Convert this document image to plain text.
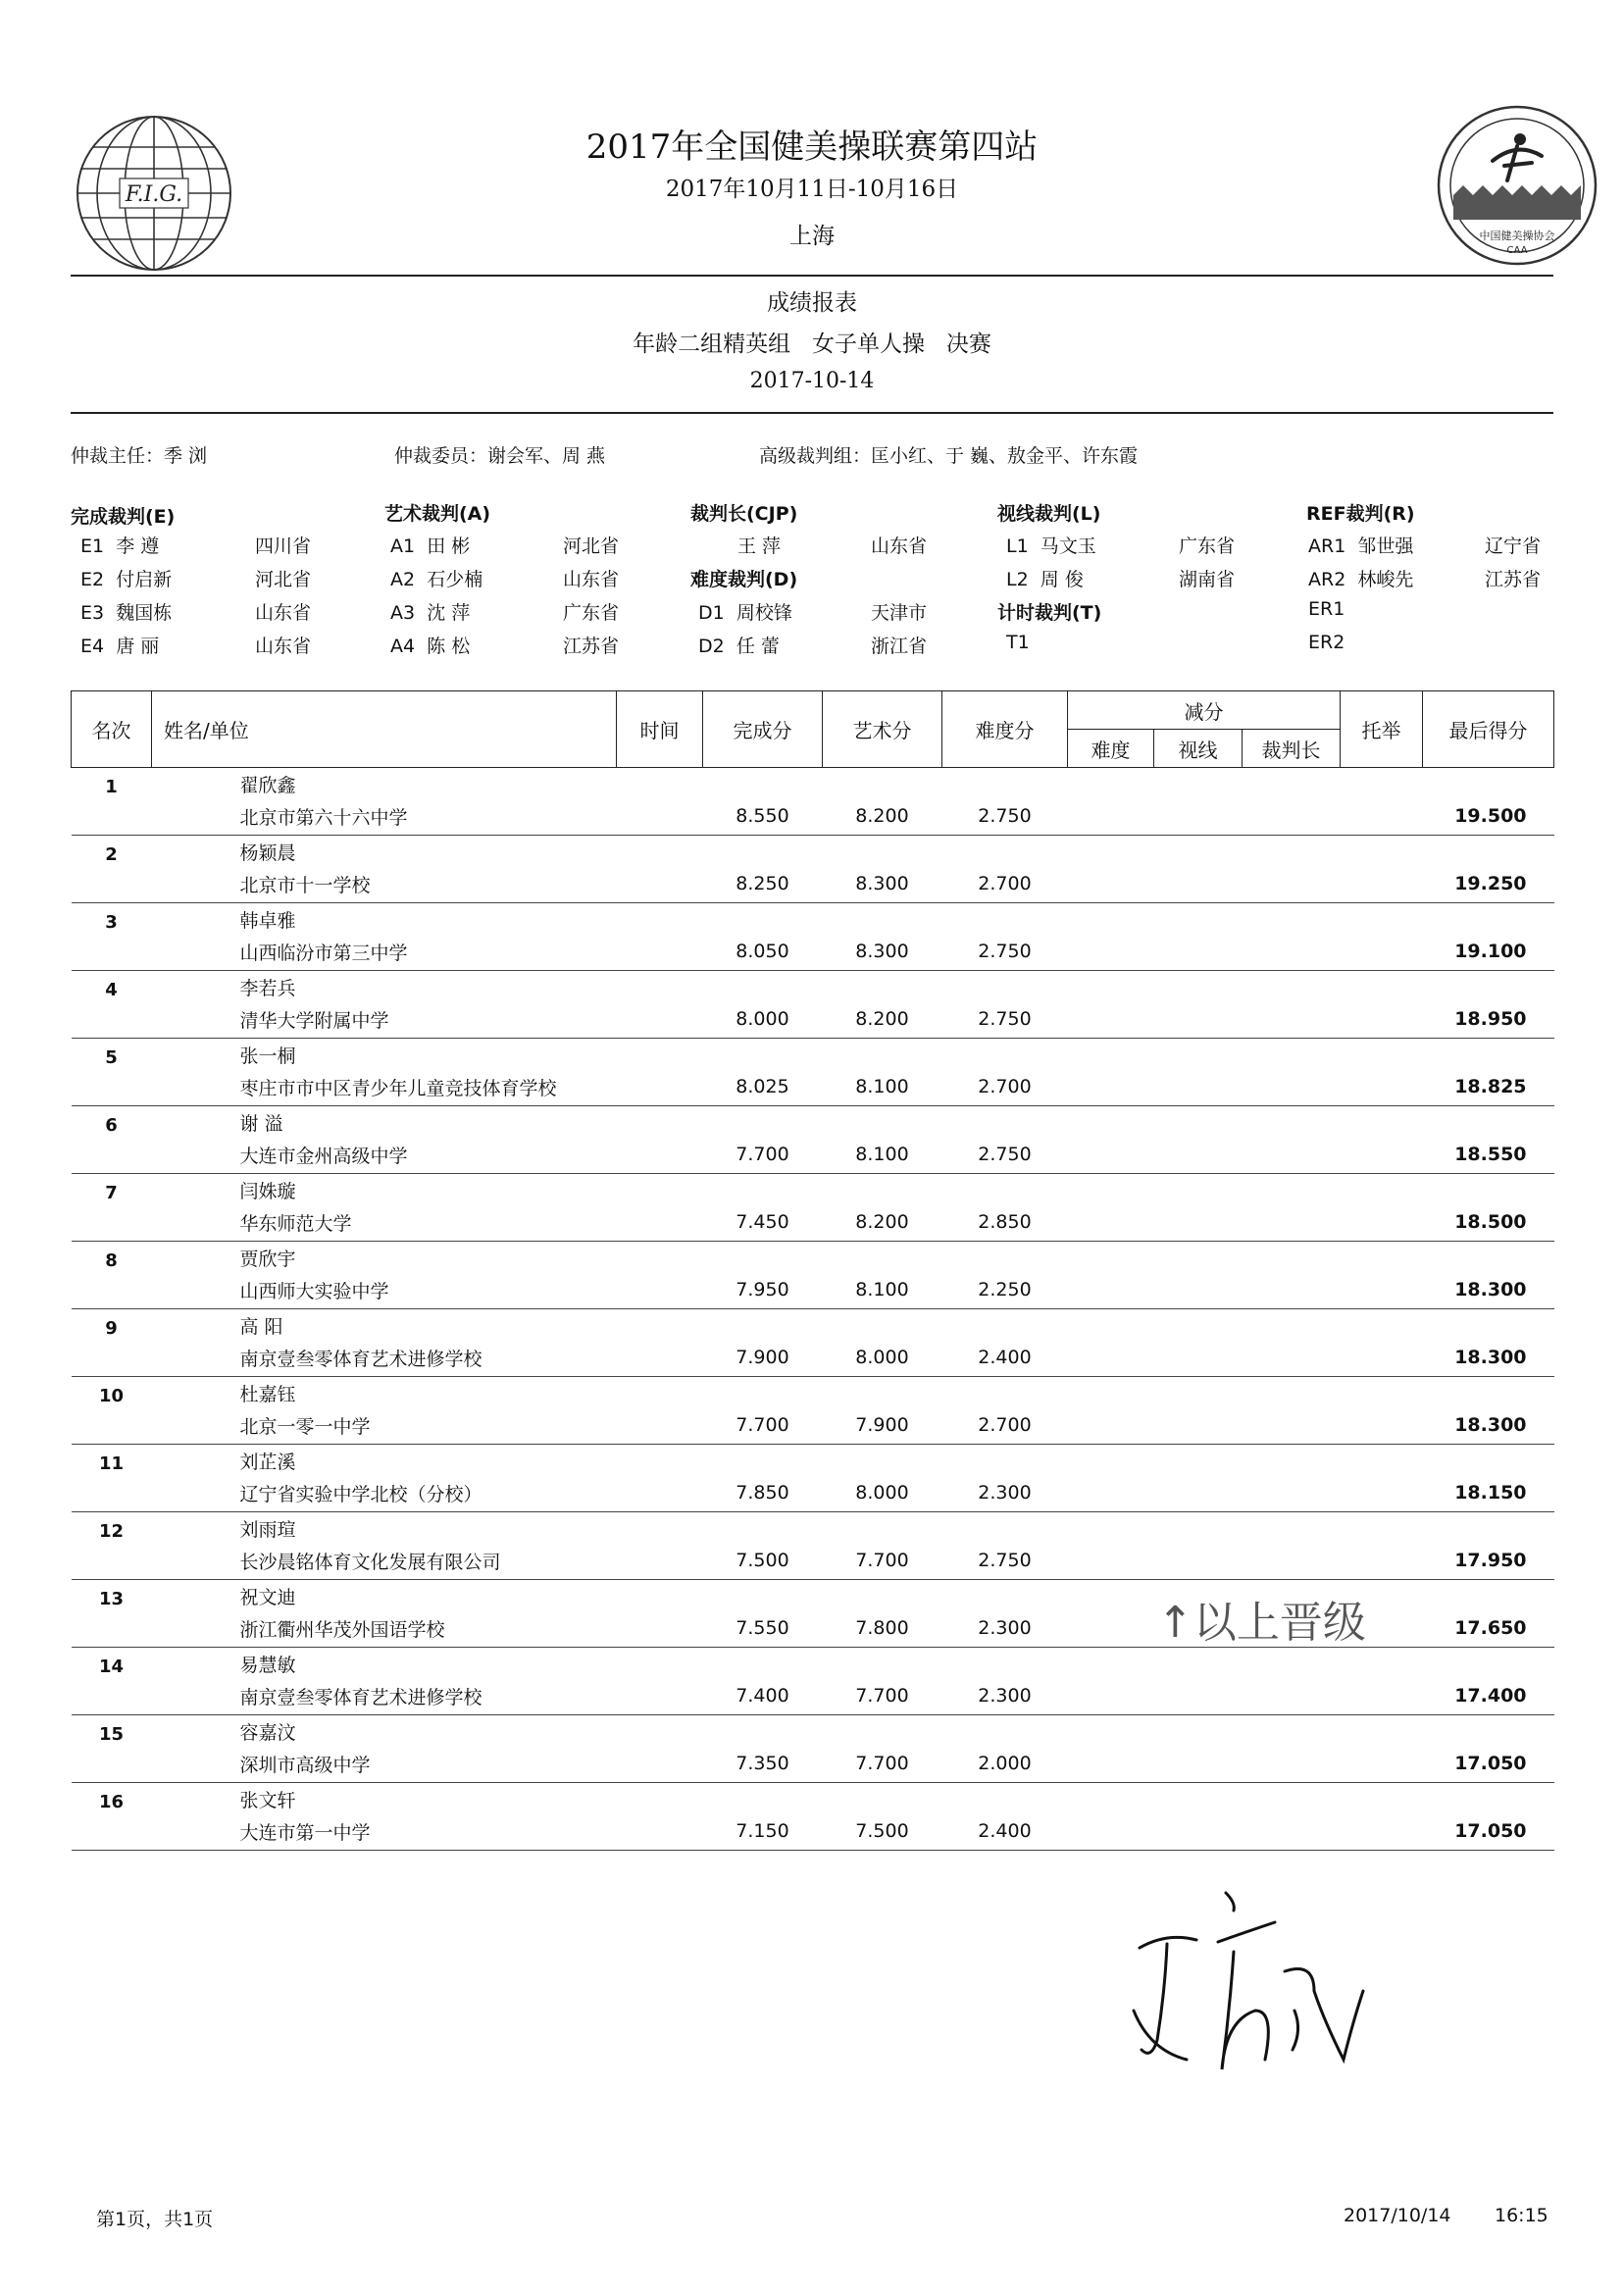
F.I.G.
中国健美操协会
CAA
2017年全国健美操联赛第四站
2017年10月11日-10月16日
上海
成绩报表
年龄二组精英组   女子单人操   决赛
2017-10-14
仲裁主任：季 浏	仲裁委员：谢会军、周 燕	高级裁判组：匡小红、于 巍、敖金平、许东霞
完成裁判(E)	艺术裁判(A)	裁判长(CJP)	视线裁判(L)	REF裁判(R)
E1 李 遵	四川省
E2 付启新	河北省
E3 魏国栋	山东省
E4 唐 丽	山东省
A1 田 彬	河北省
A2 石少楠	山东省
A3 沈 萍	广东省
A4 陈 松	江苏省
王 萍	山东省
难度裁判(D)
D1 周校锋	天津市
D2 任 蕾	浙江省
L1 马文玉	广东省
L2 周 俊	湖南省
计时裁判(T)
T1
AR1 邹世强	辽宁省
AR2 林峻先	江苏省
ER1
ER2
名次	姓名/单位	时间	完成分	艺术分	难度分	减分			托举	最后得分
						难度	视线	裁判长		
1	翟欣鑫									
	北京市第六十六中学		8.550	8.200	2.750					19.500
2	杨颖晨									
	北京市十一学校		8.250	8.300	2.700					19.250
3	韩卓雅									
	山西临汾市第三中学		8.050	8.300	2.750					19.100
4	李若兵									
	清华大学附属中学		8.000	8.200	2.750					18.950
5	张一桐									
	枣庄市市中区青少年儿童竞技体育学校		8.025	8.100	2.700					18.825
6	谢 溢									
	大连市金州高级中学		7.700	8.100	2.750					18.550
7	闫姝璇									
	华东师范大学		7.450	8.200	2.850					18.500
8	贾欣宇									
	山西师大实验中学		7.950	8.100	2.250					18.300
9	高 阳									
	南京壹叁零体育艺术进修学校		7.900	8.000	2.400					18.300
10	杜嘉钰									
	北京一零一中学		7.700	7.900	2.700					18.300
11	刘芷溪									
	辽宁省实验中学北校（分校）		7.850	8.000	2.300					18.150
12	刘雨瑄									
	长沙晨铭体育文化发展有限公司		7.500	7.700	2.750					17.950
13	祝文迪									
	浙江衢州华茂外国语学校		7.550	7.800	2.300					17.650
14	易慧敏									
	南京壹叁零体育艺术进修学校		7.400	7.700	2.300					17.400
15	容嘉汶									
	深圳市高级中学		7.350	7.700	2.000					17.050
16	张文轩									
	大连市第一中学		7.150	7.500	2.400					17.050
↑以上晋级
第1页，共1页	2017/10/14 16:15
